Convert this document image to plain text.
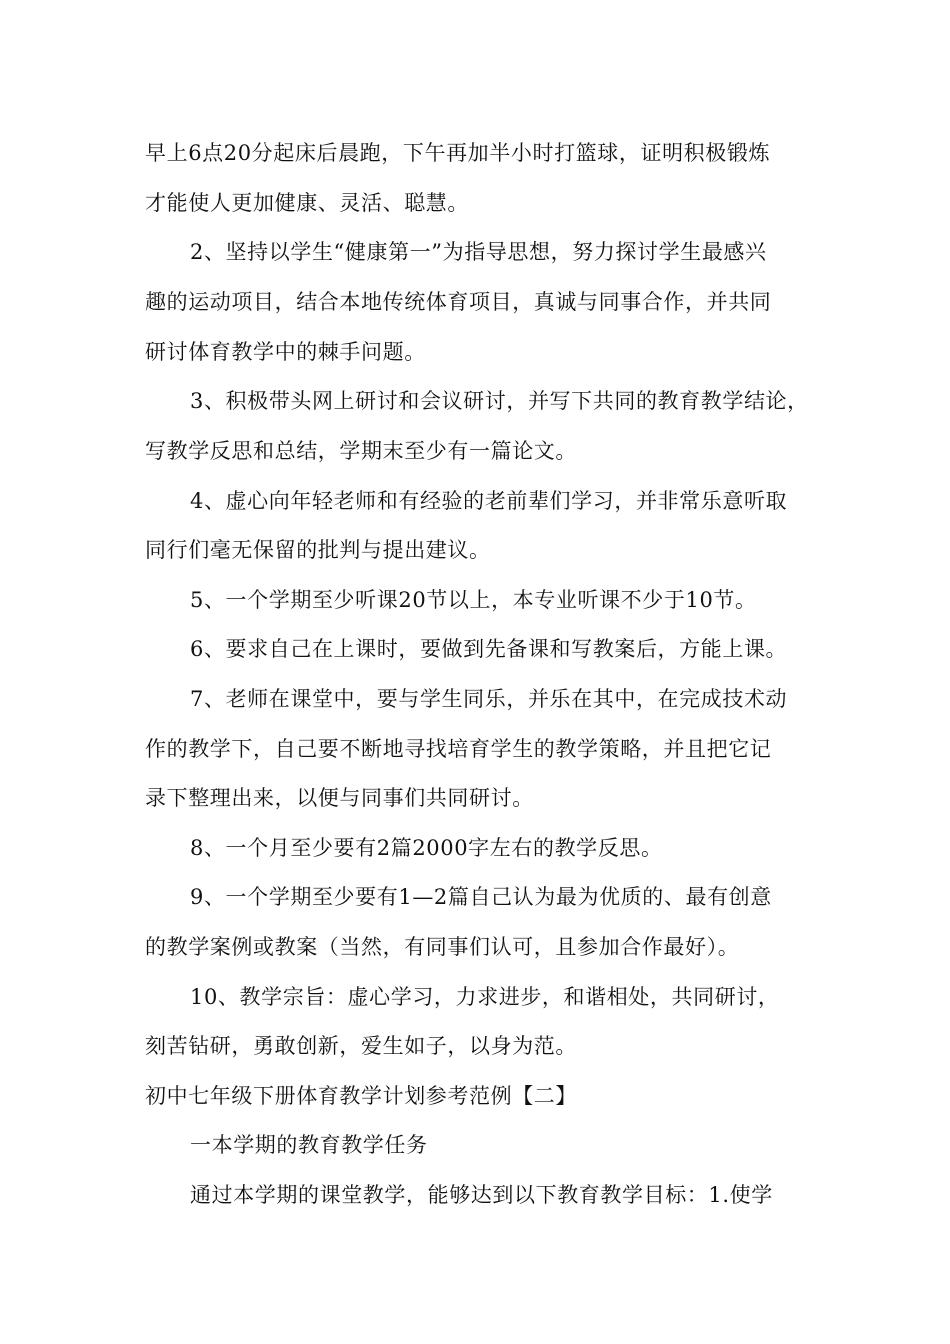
早上6点20分起床后晨跑，下午再加半小时打篮球，证明积极锻炼
才能使人更加健康、灵活、聪慧。
2、坚持以学生“健康第一”为指导思想，努力探讨学生最感兴
趣的运动项目，结合本地传统体育项目，真诚与同事合作，并共同
研讨体育教学中的棘手问题。
3、积极带头网上研讨和会议研讨，并写下共同的教育教学结论，
写教学反思和总结，学期末至少有一篇论文。
4、虚心向年轻老师和有经验的老前辈们学习，并非常乐意听取
同行们毫无保留的批判与提出建议。
5、一个学期至少听课20节以上，本专业听课不少于10节。
6、要求自己在上课时，要做到先备课和写教案后，方能上课。
7、老师在课堂中，要与学生同乐，并乐在其中，在完成技术动
作的教学下，自己要不断地寻找培育学生的教学策略，并且把它记
录下整理出来，以便与同事们共同研讨。
8、一个月至少要有2篇2000字左右的教学反思。
9、一个学期至少要有1—2篇自己认为最为优质的、最有创意
的教学案例或教案（当然，有同事们认可，且参加合作最好）。
10、教学宗旨：虚心学习，力求进步，和谐相处，共同研讨，
刻苦钻研，勇敢创新，爱生如子，以身为范。
初中七年级下册体育教学计划参考范例【二】
一本学期的教育教学任务
通过本学期的课堂教学，能够达到以下教育教学目标：1.使学
